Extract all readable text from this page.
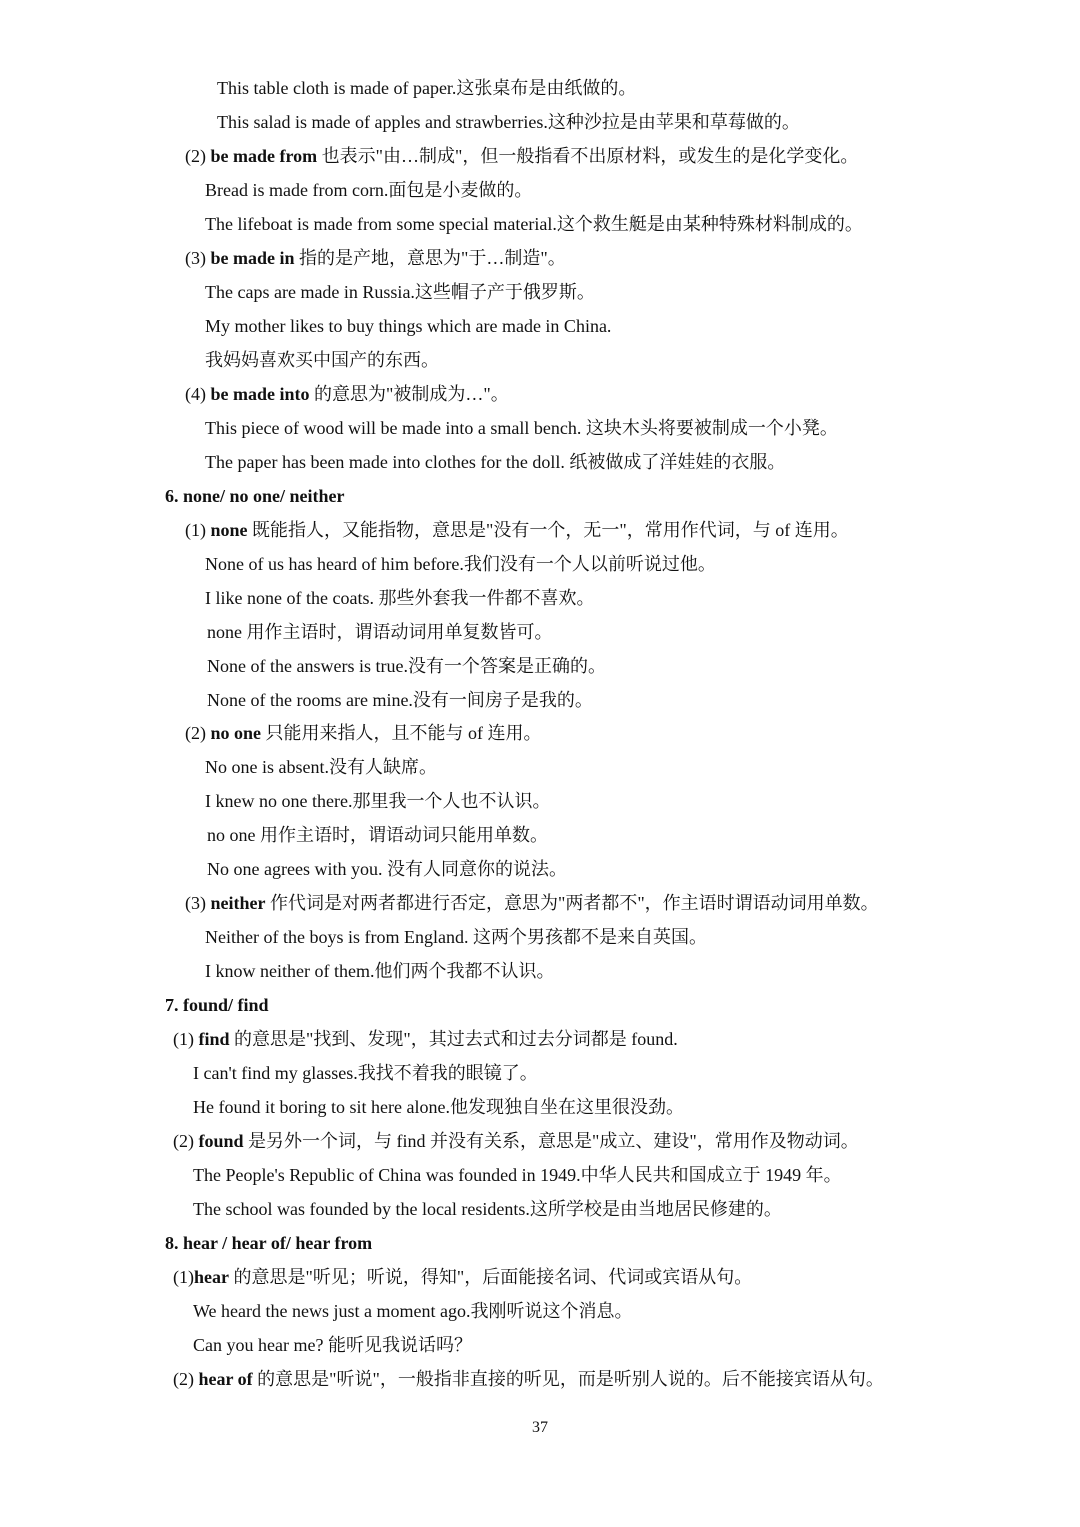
This table cloth is made of paper.这张桌布是由纸做的。
This salad is made of apples and strawberries.这种沙拉是由苹果和草莓做的。
(2) be made from 也表示"由…制成"，但一般指看不出原材料，或发生的是化学变化。
Bread is made from corn.面包是小麦做的。
The lifeboat is made from some special material.这个救生艇是由某种特殊材料制成的。
(3) be made in 指的是产地，意思为"于…制造"。
The caps are made in Russia.这些帽子产于俄罗斯。
My mother likes to buy things which are made in China.
我妈妈喜欢买中国产的东西。
(4) be made into 的意思为"被制成为…"。
This piece of wood will be made into a small bench. 这块木头将要被制成一个小凳。
The paper has been made into clothes for the doll. 纸被做成了洋娃娃的衣服。
6. none/ no one/ neither
(1) none 既能指人，又能指物，意思是"没有一个，无一"，常用作代词，与 of 连用。
None of us has heard of him before.我们没有一个人以前听说过他。
I like none of the coats. 那些外套我一件都不喜欢。
none 用作主语时，谓语动词用单复数皆可。
None of the answers is true.没有一个答案是正确的。
None of the rooms are mine.没有一间房子是我的。
(2) no one 只能用来指人，且不能与 of 连用。
No one is absent.没有人缺席。
I knew no one there.那里我一个人也不认识。
no one 用作主语时，谓语动词只能用单数。
No one agrees with you. 没有人同意你的说法。
(3) neither 作代词是对两者都进行否定，意思为"两者都不"，作主语时谓语动词用单数。
Neither of the boys is from England. 这两个男孩都不是来自英国。
I know neither of them.他们两个我都不认识。
7. found/ find
(1) find 的意思是"找到、发现"，其过去式和过去分词都是 found.
I can't find my glasses.我找不着我的眼镜了。
He found it boring to sit here alone.他发现独自坐在这里很没劲。
(2) found 是另外一个词，与 find 并没有关系，意思是"成立、建设"，常用作及物动词。
The People's Republic of China was founded in 1949.中华人民共和国成立于 1949 年。
The school was founded by the local residents.这所学校是由当地居民修建的。
8. hear / hear of/ hear from
(1)hear 的意思是"听见；听说，得知"，后面能接名词、代词或宾语从句。
We heard the news just a moment ago.我刚听说这个消息。
Can you hear me? 能听见我说话吗？
(2) hear of 的意思是"听说"，一般指非直接的听见，而是听别人说的。后不能接宾语从句。
37
